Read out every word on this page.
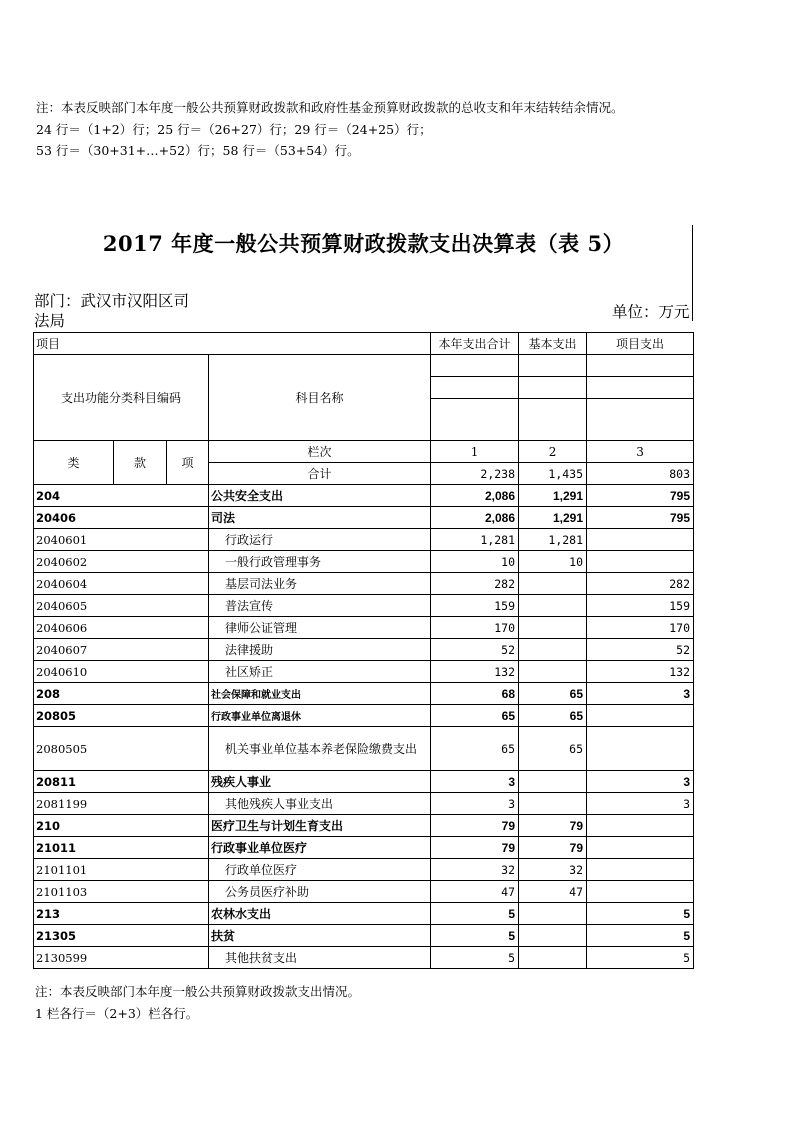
注：本表反映部门本年度一般公共预算财政拨款和政府性基金预算财政拨款的总收支和年末结转结余情况。
24 行＝（1+2）行；25 行＝（26+27）行；29 行＝（24+25）行；
53 行＝（30+31+…+52）行；58 行＝（53+54）行。
2017 年度一般公共预算财政拨款支出决算表（表 5）
部门：武汉市汉阳区司
法局	单位：万元
项目				本年支出合计	基本支出	项目支出
支出功能分类科目编码			科目名称			

类	款	项	栏次	1	2	3
			合计	2,238	1,435	803
204			公共安全支出	2,086	1,291	795
20406			司法	2,086	1,291	795
2040601			行政运行	1,281	1,281	
2040602			一般行政管理事务	10	10	
2040604			基层司法业务	282		282
2040605			普法宣传	159		159
2040606			律师公证管理	170		170
2040607			法律援助	52		52
2040610			社区矫正	132		132
208			社会保障和就业支出	68	65	3
20805			行政事业单位离退休	65	65	
2080505			机关事业单位基本养老保险缴费支出	65	65	
20811			残疾人事业	3		3
2081199			其他残疾人事业支出	3		3
210			医疗卫生与计划生育支出	79	79	
21011			行政事业单位医疗	79	79	
2101101			行政单位医疗	32	32	
2101103			公务员医疗补助	47	47	
213			农林水支出	5		5
21305			扶贫	5		5
2130599			其他扶贫支出	5		5
注：本表反映部门本年度一般公共预算财政拨款支出情况。
1 栏各行＝（2+3）栏各行。
